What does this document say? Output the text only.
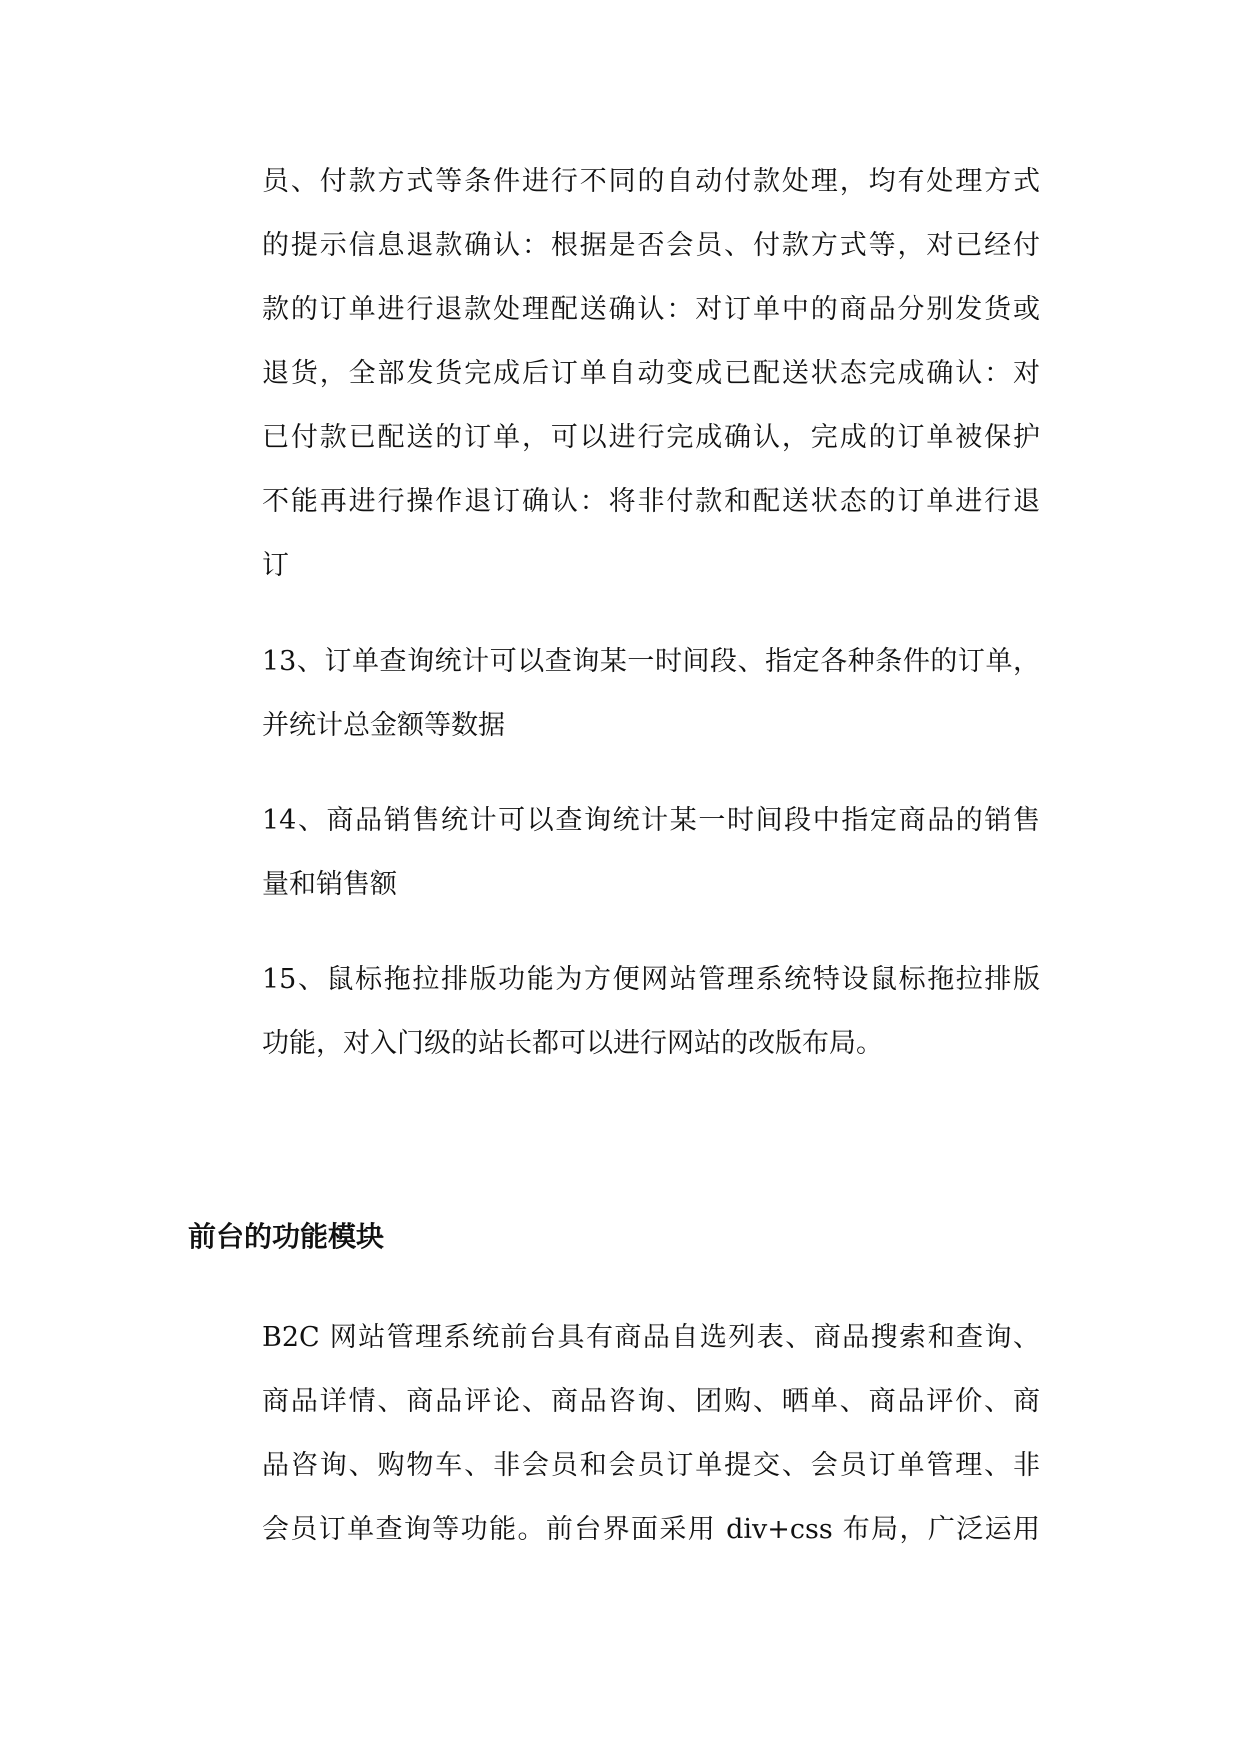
员、付款方式等条件进行不同的自动付款处理，均有处理方式
的提示信息退款确认：根据是否会员、付款方式等，对已经付
款的订单进行退款处理配送确认：对订单中的商品分别发货或
退货，全部发货完成后订单自动变成已配送状态完成确认：对
已付款已配送的订单，可以进行完成确认，完成的订单被保护
不能再进行操作退订确认：将非付款和配送状态的订单进行退
订
13、订单查询统计可以查询某一时间段、指定各种条件的订单，
并统计总金额等数据
14、商品销售统计可以查询统计某一时间段中指定商品的销售
量和销售额
15、鼠标拖拉排版功能为方便网站管理系统特设鼠标拖拉排版
功能，对入门级的站长都可以进行网站的改版布局。
前台的功能模块
B2C 网站管理系统前台具有商品自选列表、商品搜索和查询、
商品详情、商品评论、商品咨询、团购、晒单、商品评价、商
品咨询、购物车、非会员和会员订单提交、会员订单管理、非
会员订单查询等功能。前台界面采用 div+css 布局，广泛运用
